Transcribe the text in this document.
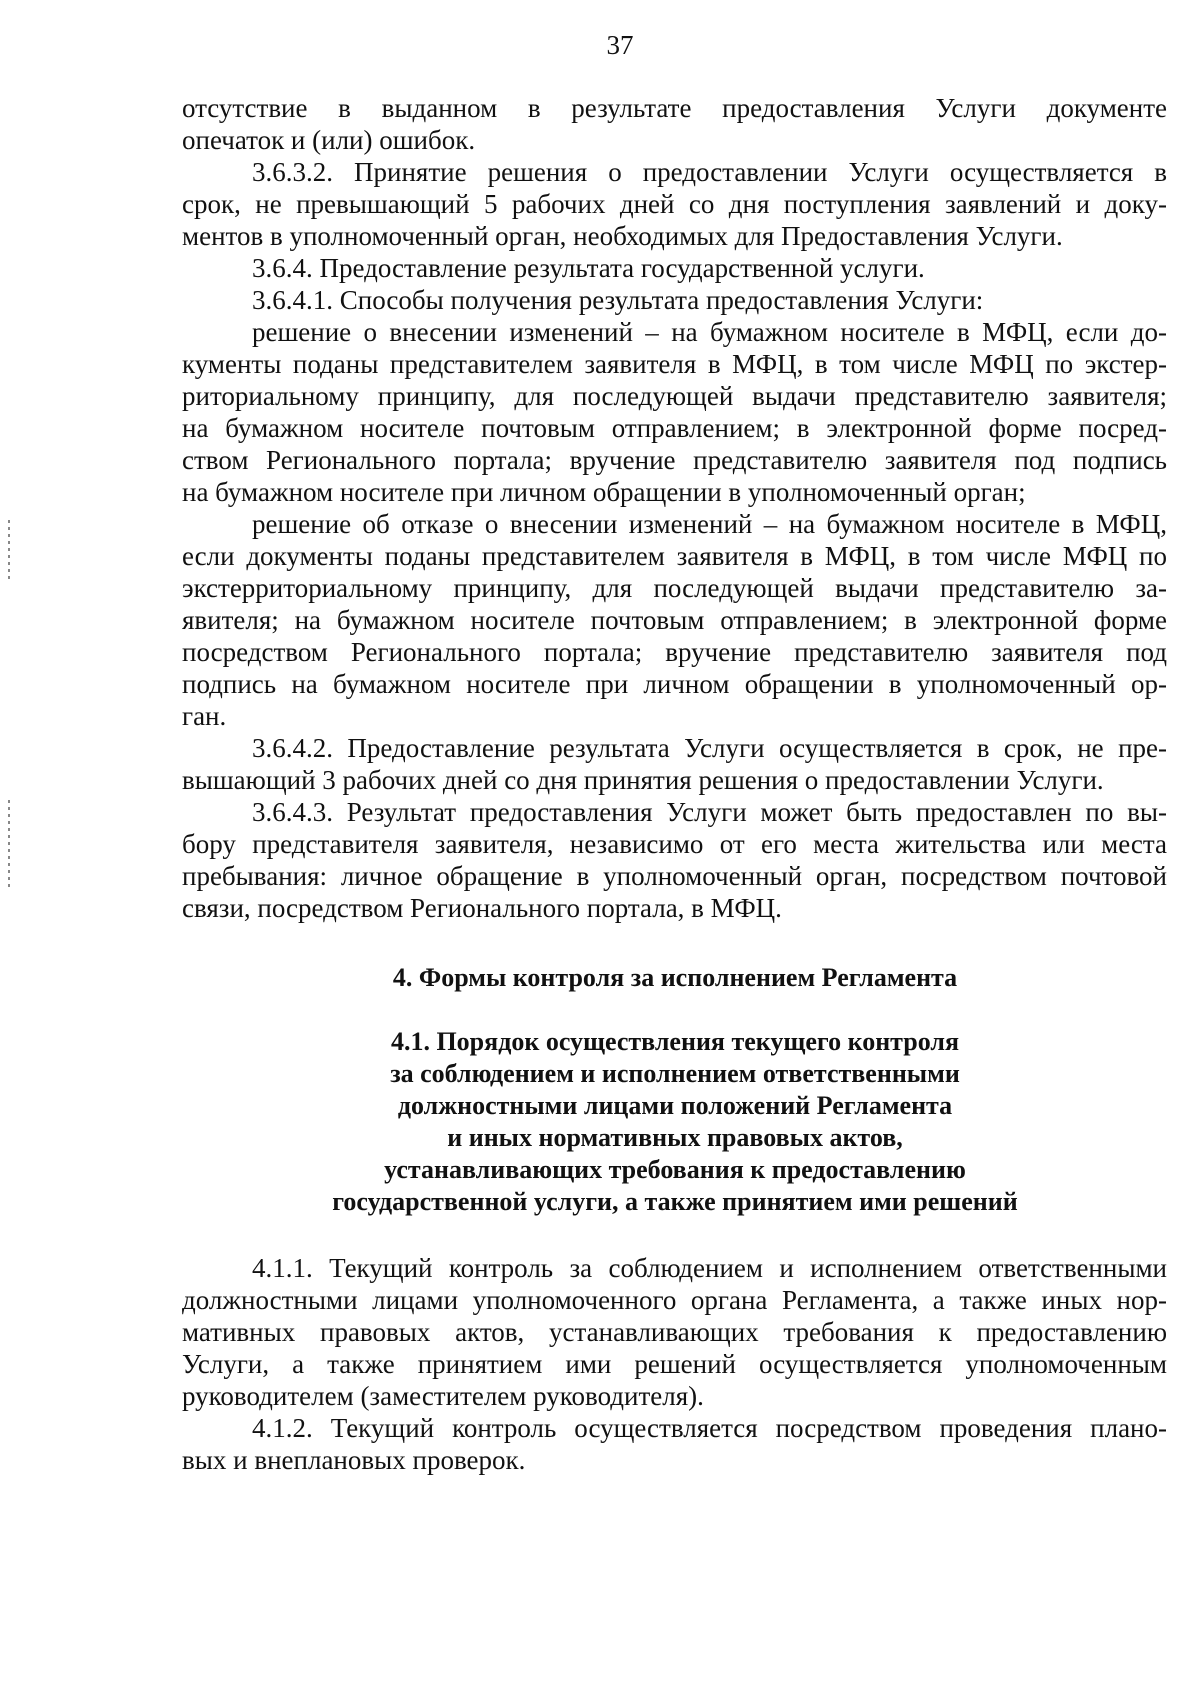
37
отсутствие в выданном в результате предоставления Услуги документе
опечаток и (или) ошибок.
3.6.3.2. Принятие решения о предоставлении Услуги осуществляется в
срок, не превышающий 5 рабочих дней со дня поступления заявлений и доку-
ментов в уполномоченный орган, необходимых для Предоставления Услуги.
3.6.4. Предоставление результата государственной услуги.
3.6.4.1. Способы получения результата предоставления Услуги:
решение о внесении изменений – на бумажном носителе в МФЦ, если до-
кументы поданы представителем заявителя в МФЦ, в том числе МФЦ по экстер-
риториальному принципу, для последующей выдачи представителю заявителя;
на бумажном носителе почтовым отправлением; в электронной форме посред-
ством Регионального портала; вручение представителю заявителя под подпись
на бумажном носителе при личном обращении в уполномоченный орган;
решение об отказе о внесении изменений – на бумажном носителе в МФЦ,
если документы поданы представителем заявителя в МФЦ, в том числе МФЦ по
экстерриториальному принципу, для последующей выдачи представителю за-
явителя; на бумажном носителе почтовым отправлением; в электронной форме
посредством Регионального портала; вручение представителю заявителя под
подпись на бумажном носителе при личном обращении в уполномоченный ор-
ган.
3.6.4.2. Предоставление результата Услуги осуществляется в срок, не пре-
вышающий 3 рабочих дней со дня принятия решения о предоставлении Услуги.
3.6.4.3. Результат предоставления Услуги может быть предоставлен по вы-
бору представителя заявителя, независимо от его места жительства или места
пребывания: личное обращение в уполномоченный орган, посредством почтовой
связи, посредством Регионального портала, в МФЦ.
4. Формы контроля за исполнением Регламента
4.1. Порядок осуществления текущего контроля
за соблюдением и исполнением ответственными
должностными лицами положений Регламента
и иных нормативных правовых актов,
устанавливающих требования к предоставлению
государственной услуги, а также принятием ими решений
4.1.1. Текущий контроль за соблюдением и исполнением ответственными
должностными лицами уполномоченного органа Регламента, а также иных нор-
мативных правовых актов, устанавливающих требования к предоставлению
Услуги, а также принятием ими решений осуществляется уполномоченным
руководителем (заместителем руководителя).
4.1.2. Текущий контроль осуществляется посредством проведения плано-
вых и внеплановых проверок.
